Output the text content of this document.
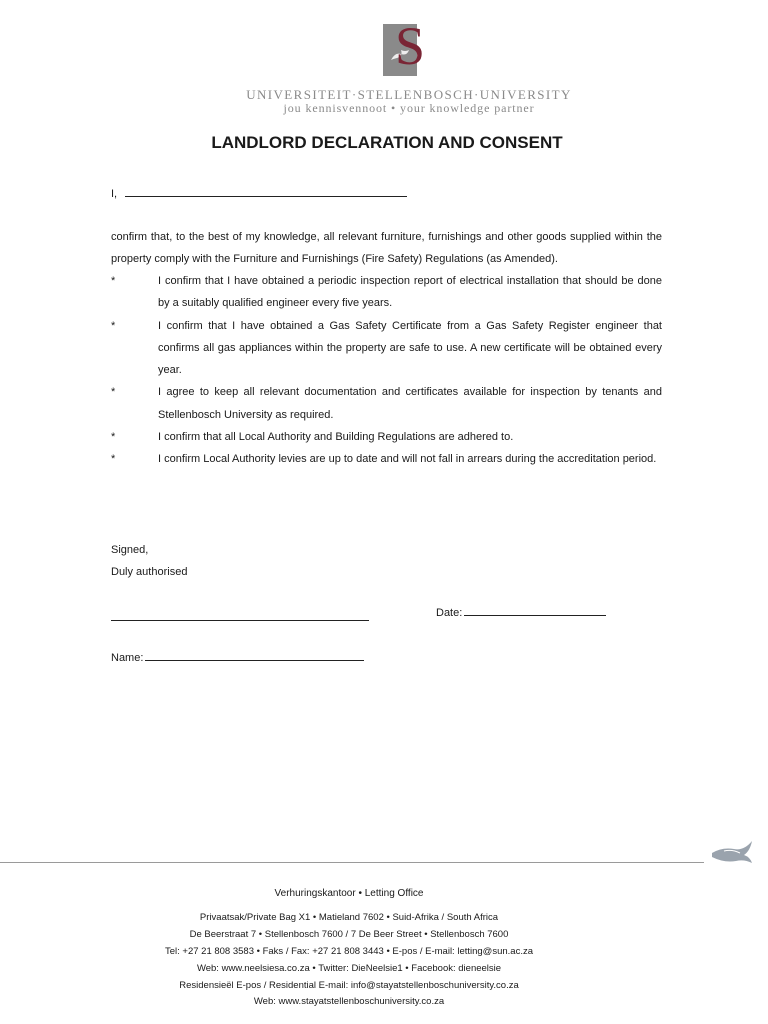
S
UNIVERSITEIT·STELLENBOSCH·UNIVERSITY
jou kennisvennoot • your knowledge partner
LANDLORD DECLARATION AND CONSENT
I,
confirm that, to the best of my knowledge, all relevant furniture, furnishings and other goods supplied within the property comply with the Furniture and Furnishings (Fire Safety) Regulations (as Amended).
*	I confirm that I have obtained a periodic inspection report of electrical installation that should be done by a suitably qualified engineer every five years.
*	I confirm that I have obtained a Gas Safety Certificate from a Gas Safety Register engineer that confirms all gas appliances within the property are safe to use. A new certificate will be obtained every year.
*	I agree to keep all relevant documentation and certificates available for inspection by tenants and Stellenbosch University as required.
*	I confirm that all Local Authority and Building Regulations are adhered to.
*	I confirm Local Authority levies are up to date and will not fall in arrears during the accreditation period.
Signed,
Duly authorised
Date:
Name:
Verhuringskantoor • Letting Office
Privaatsak/Private Bag X1 • Matieland 7602 • Suid-Afrika / South Africa
De Beerstraat 7 • Stellenbosch 7600 / 7 De Beer Street • Stellenbosch 7600
Tel: +27 21 808 3583 • Faks / Fax: +27 21 808 3443 • E-pos / E-mail: letting@sun.ac.za
Web: www.neelsiesa.co.za • Twitter: DieNeelsie1 • Facebook: dieneelsie
Residensieël E-pos / Residential E-mail: info@stayatstellenboschuniversity.co.za
Web: www.stayatstellenboschuniversity.co.za
